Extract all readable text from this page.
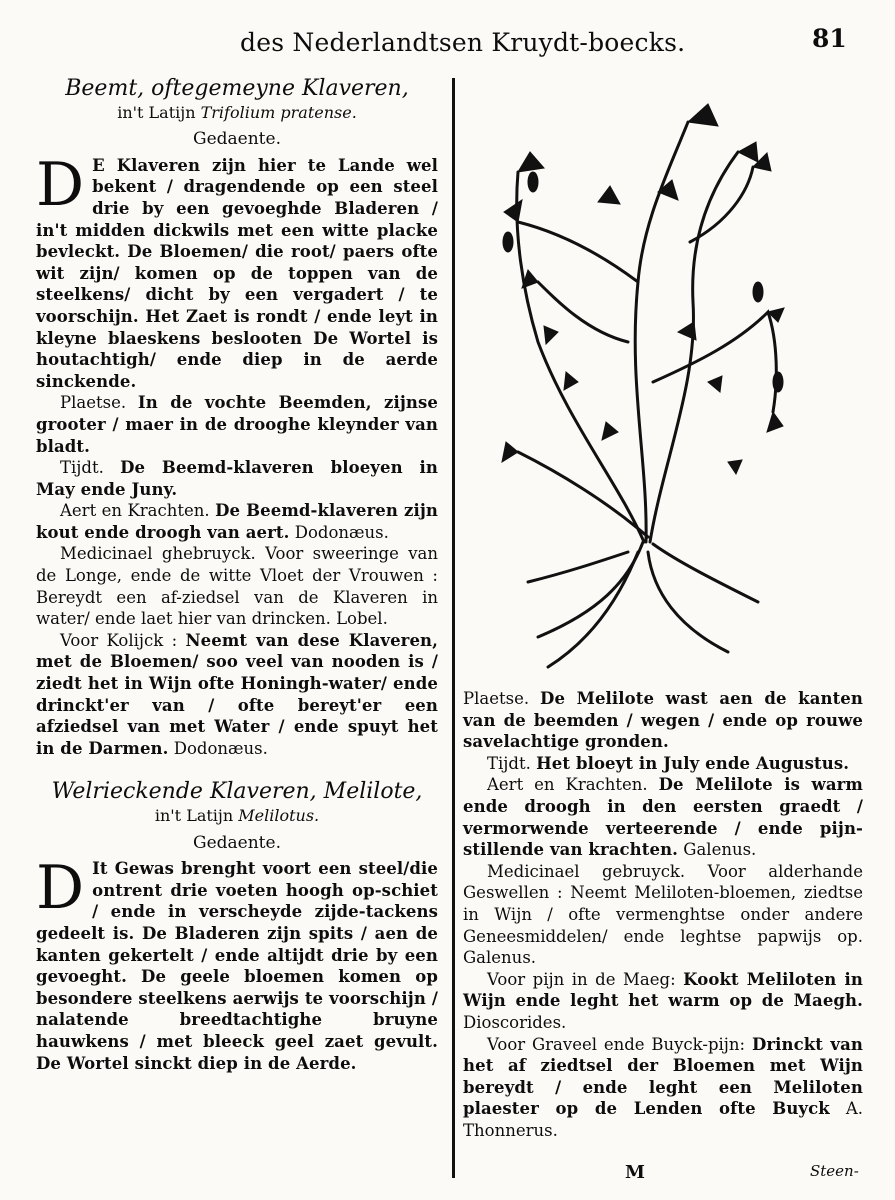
des Nederlandtsen Kruydt-boecks.	81
Beemt, oftegemeyne Klaveren,
in't Latijn Trifolium pratense.
Gedaente.

D E Klaveren zijn hier te Lande wel bekent / dragendende op een steel drie by een gevoeghde Bladeren / in't midden dickwils met een witte placke bevleckt. De Bloemen/ die root/ paers ofte wit zijn/ komen op de toppen van de steelkens/ dicht by een vergadert / te voorschijn. Het Zaet is rondt / ende leyt in kleyne blaeskens beslooten De Wortel is houtachtigh/ ende diep in de aerde sinckende.

Plaetse. In de vochte Beemden, zijnse grooter / maer in de drooghe kleynder van bladt.

Tijdt. De Beemd-klaveren bloeyen in May ende Juny.

Aert en Krachten. De Beemd-klaveren zijn kout ende droogh van aert. Dodonæus.

Medicinael ghebruyck. Voor sweeringe van de Longe, ende de witte Vloet der Vrouwen : Bereydt een af-ziedsel van de Klaveren in water/ ende laet hier van drincken. Lobel.

Voor Kolijck : Neemt van dese Klaveren, met de Bloemen/ soo veel van nooden is / ziedt het in Wijn ofte Honingh-water/ ende drinckt'er van / ofte bereyt'er een afziedsel van met Water / ende spuyt het in de Darmen. Dodonæus.

Welrieckende Klaveren, Melilote,
in't Latijn Melilotus.
Gedaente.

D It Gewas brenght voort een steel/die ontrent drie voeten hoogh op-schiet / ende in verscheyde zijde-tackens gedeelt is. De Bladeren zijn spits / aen de kanten gekertelt / ende altijdt drie by een gevoeght. De geele bloemen komen op besondere steelkens aerwijs te voorschijn / nalatende breedtachtighe bruyne hauwkens / met bleeck geel zaet gevult. De Wortel sinckt diep in de Aerde.

Plaetse. De Melilote wast aen de kanten van de beemden / wegen / ende op rouwe savelachtige gronden.

Tijdt. Het bloeyt in July ende Augustus.

Aert en Krachten. De Melilote is warm ende droogh in den eersten graedt / vermorwende verteerende / ende pijn-stillende van krachten. Galenus.

Medicinael gebruyck. Voor alderhande Geswellen : Neemt Meliloten-bloemen, ziedtse in Wijn / ofte vermenghtse onder andere Geneesmiddelen/ ende leghtse papwijs op. Galenus.

Voor pijn in de Maeg: Kookt Meliloten in Wijn ende leght het warm op de Maegh. Dioscorides.

Voor Graveel ende Buyck-pijn: Drinckt van het af ziedtsel der Bloemen met Wijn bereydt / ende leght een Meliloten plaester op de Lenden ofte Buyck A. Thonnerus.

M	Steen-
